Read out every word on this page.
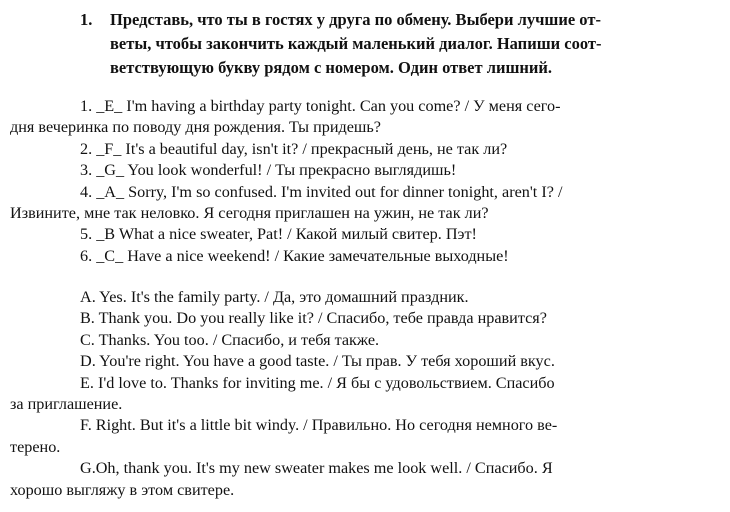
1. Представь, что ты в гостях у друга по обмену. Выбери лучшие от-
веты, чтобы закончить каждый маленький диалог. Напиши соот-
ветствующую букву рядом с номером. Один ответ лишний.
1. _E_ I'm having a birthday party tonight. Can you come? / У меня сего-
дня вечеринка по поводу дня рождения. Ты придешь?
2. _F_ It's a beautiful day, isn't it? / прекрасный день, не так ли?
3. _G_ You look wonderful! / Ты прекрасно выглядишь!
4. _A_ Sorry, I'm so confused. I'm invited out for dinner tonight, aren't I? /
Извините, мне так неловко. Я сегодня приглашен на ужин, не так ли?
5. _B What a nice sweater, Pat! / Какой милый свитер. Пэт!
6. _C_ Have a nice weekend! / Какие замечательные выходные!
A. Yes. It's the family party. / Да, это домашний праздник.
B. Thank you. Do you really like it? / Спасибо, тебе правда нравится?
C. Thanks. You too. / Спасибо, и тебя также.
D. You're right. You have a good taste. / Ты прав. У тебя хороший вкус.
E. I'd love to. Thanks for inviting me. / Я бы с удовольствием. Спасибо
за приглашение.
F. Right. But it's a little bit windy. / Правильно. Но сегодня немного ве-
терено.
G.Oh, thank you. It's my new sweater makes me look well. / Спасибо. Я
хорошо выгляжу в этом свитере.
